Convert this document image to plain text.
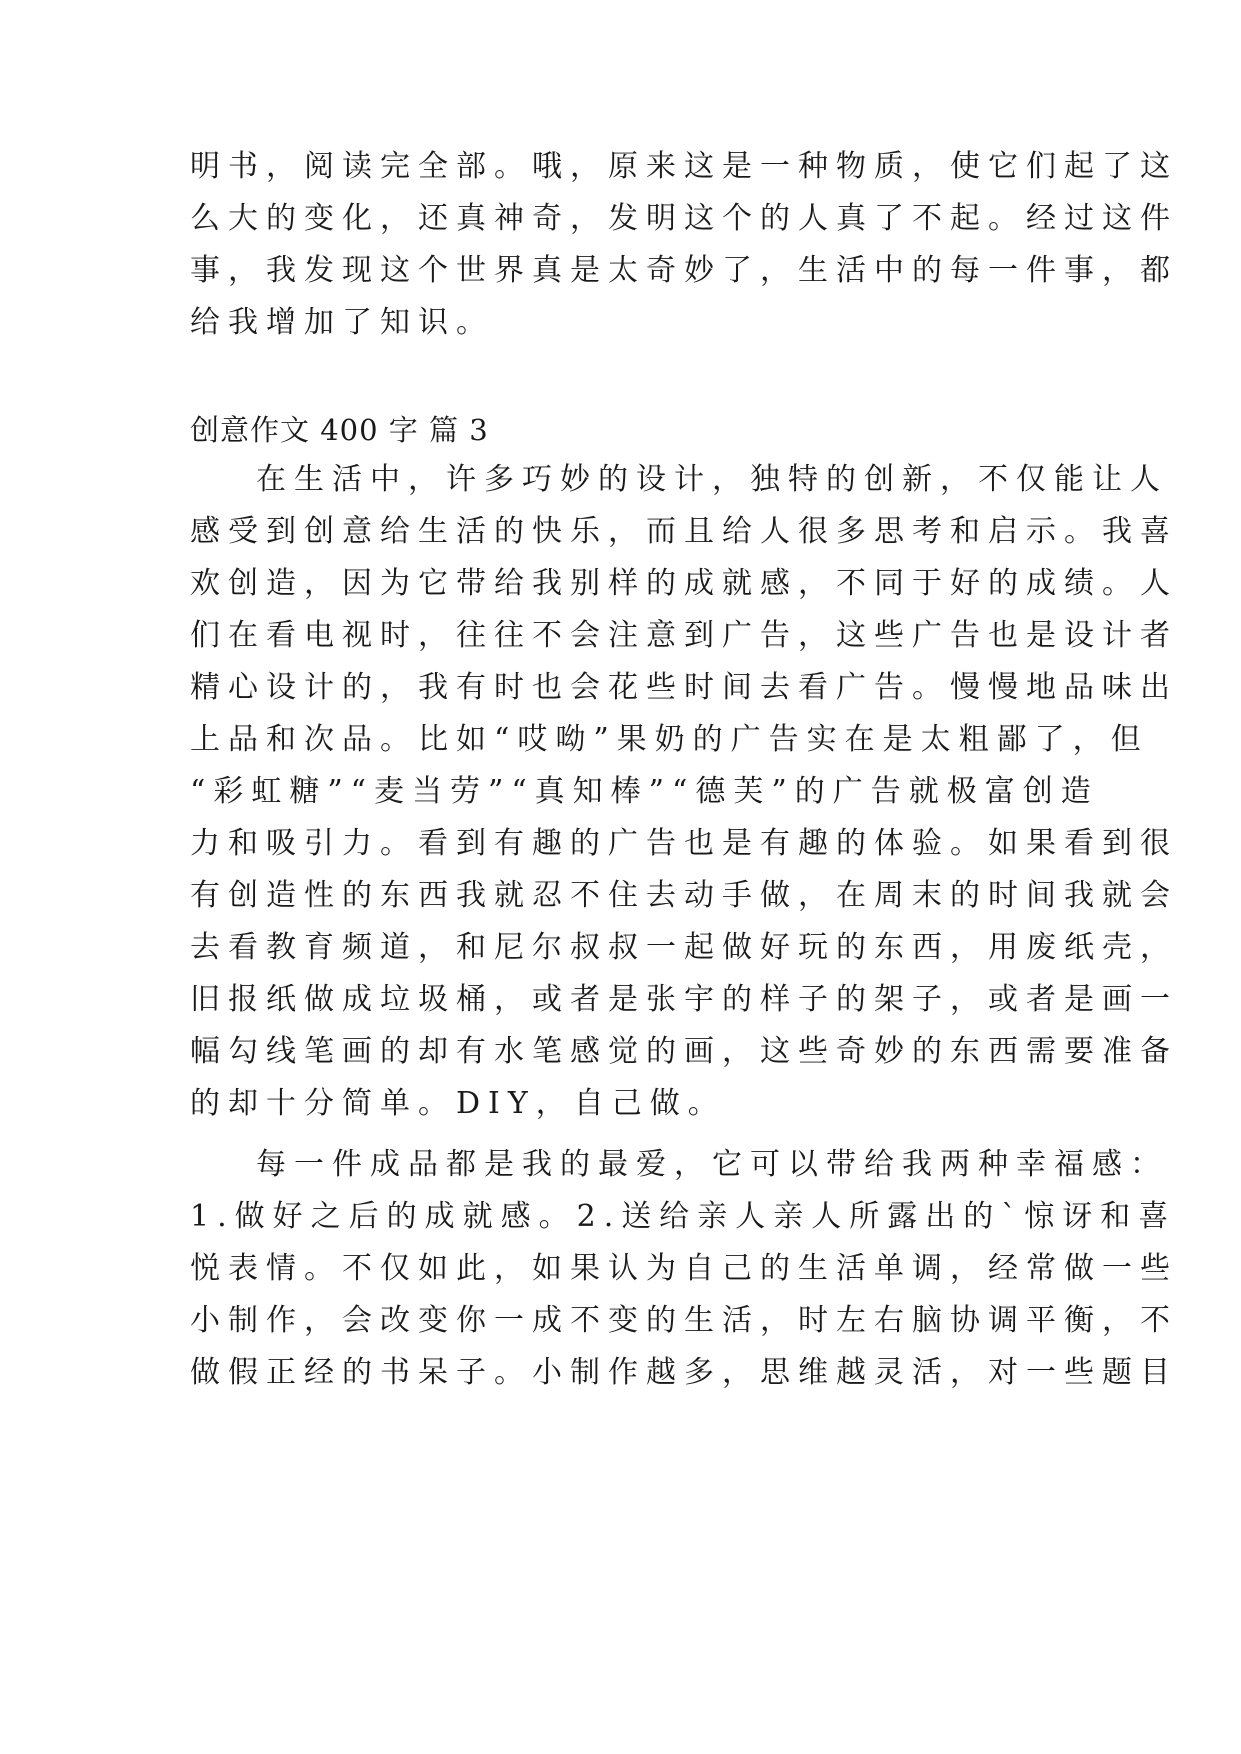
明书，阅读完全部。哦，原来这是一种物质，使它们起了这
么大的变化，还真神奇，发明这个的人真了不起。经过这件
事，我发现这个世界真是太奇妙了，生活中的每一件事，都
给我增加了知识。
创意作文 400 字 篇 3
在生活中，许多巧妙的设计，独特的创新，不仅能让人
感受到创意给生活的快乐，而且给人很多思考和启示。我喜
欢创造，因为它带给我别样的成就感，不同于好的成绩。人
们在看电视时，往往不会注意到广告，这些广告也是设计者
精心设计的，我有时也会花些时间去看广告。慢慢地品味出
上品和次品。比如“哎呦”果奶的广告实在是太粗鄙了，但
“彩虹糖”“麦当劳”“真知棒”“德芙”的广告就极富创造
力和吸引力。看到有趣的广告也是有趣的体验。如果看到很
有创造性的东西我就忍不住去动手做，在周末的时间我就会
去看教育频道，和尼尔叔叔一起做好玩的东西，用废纸壳，
旧报纸做成垃圾桶，或者是张宇的样子的架子，或者是画一
幅勾线笔画的却有水笔感觉的画，这些奇妙的东西需要准备
的却十分简单。DIY，自己做。
每一件成品都是我的最爱，它可以带给我两种幸福感：
1.做好之后的成就感。2.送给亲人亲人所露出的`惊讶和喜
悦表情。不仅如此，如果认为自己的生活单调，经常做一些
小制作，会改变你一成不变的生活，时左右脑协调平衡，不
做假正经的书呆子。小制作越多，思维越灵活，对一些题目
